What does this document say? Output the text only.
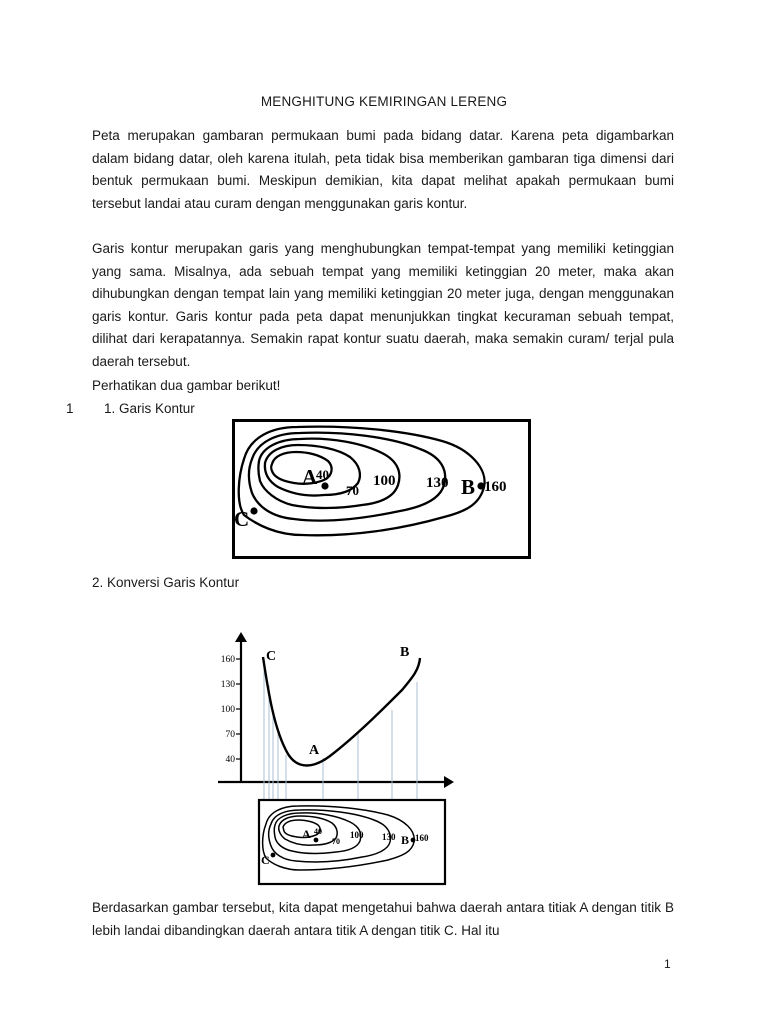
MENGHITUNG KEMIRINGAN LERENG

Peta merupakan gambaran permukaan bumi pada bidang datar. Karena peta digambarkan dalam bidang datar, oleh karena itulah, peta tidak bisa memberikan gambaran tiga dimensi dari bentuk permukaan bumi. Meskipun demikian, kita dapat melihat apakah permukaan bumi tersebut landai atau curam dengan menggunakan garis kontur.

Garis kontur merupakan garis yang menghubungkan tempat-tempat yang memiliki ketinggian yang sama. Misalnya, ada sebuah tempat yang memiliki ketinggian 20 meter, maka akan dihubungkan dengan tempat lain yang memiliki ketinggian 20 meter juga, dengan menggunakan garis kontur. Garis kontur pada peta dapat menunjukkan tingkat kecuraman sebuah tempat, dilihat dari kerapatannya. Semakin rapat kontur suatu daerah, maka semakin curam/ terjal pula daerah tersebut.

Perhatikan dua gambar berikut!
1 1. Garis Kontur
A	B
C
40
70
100 130 160
2. Konversi Garis Kontur
160
130
100
70
40
C
A
B
A	B
C
40
70
100 130 160

Berdasarkan gambar tersebut, kita dapat mengetahui bahwa daerah antara titiak A dengan titik B lebih landai dibandingkan daerah antara titik A dengan titik C. Hal itu

1
